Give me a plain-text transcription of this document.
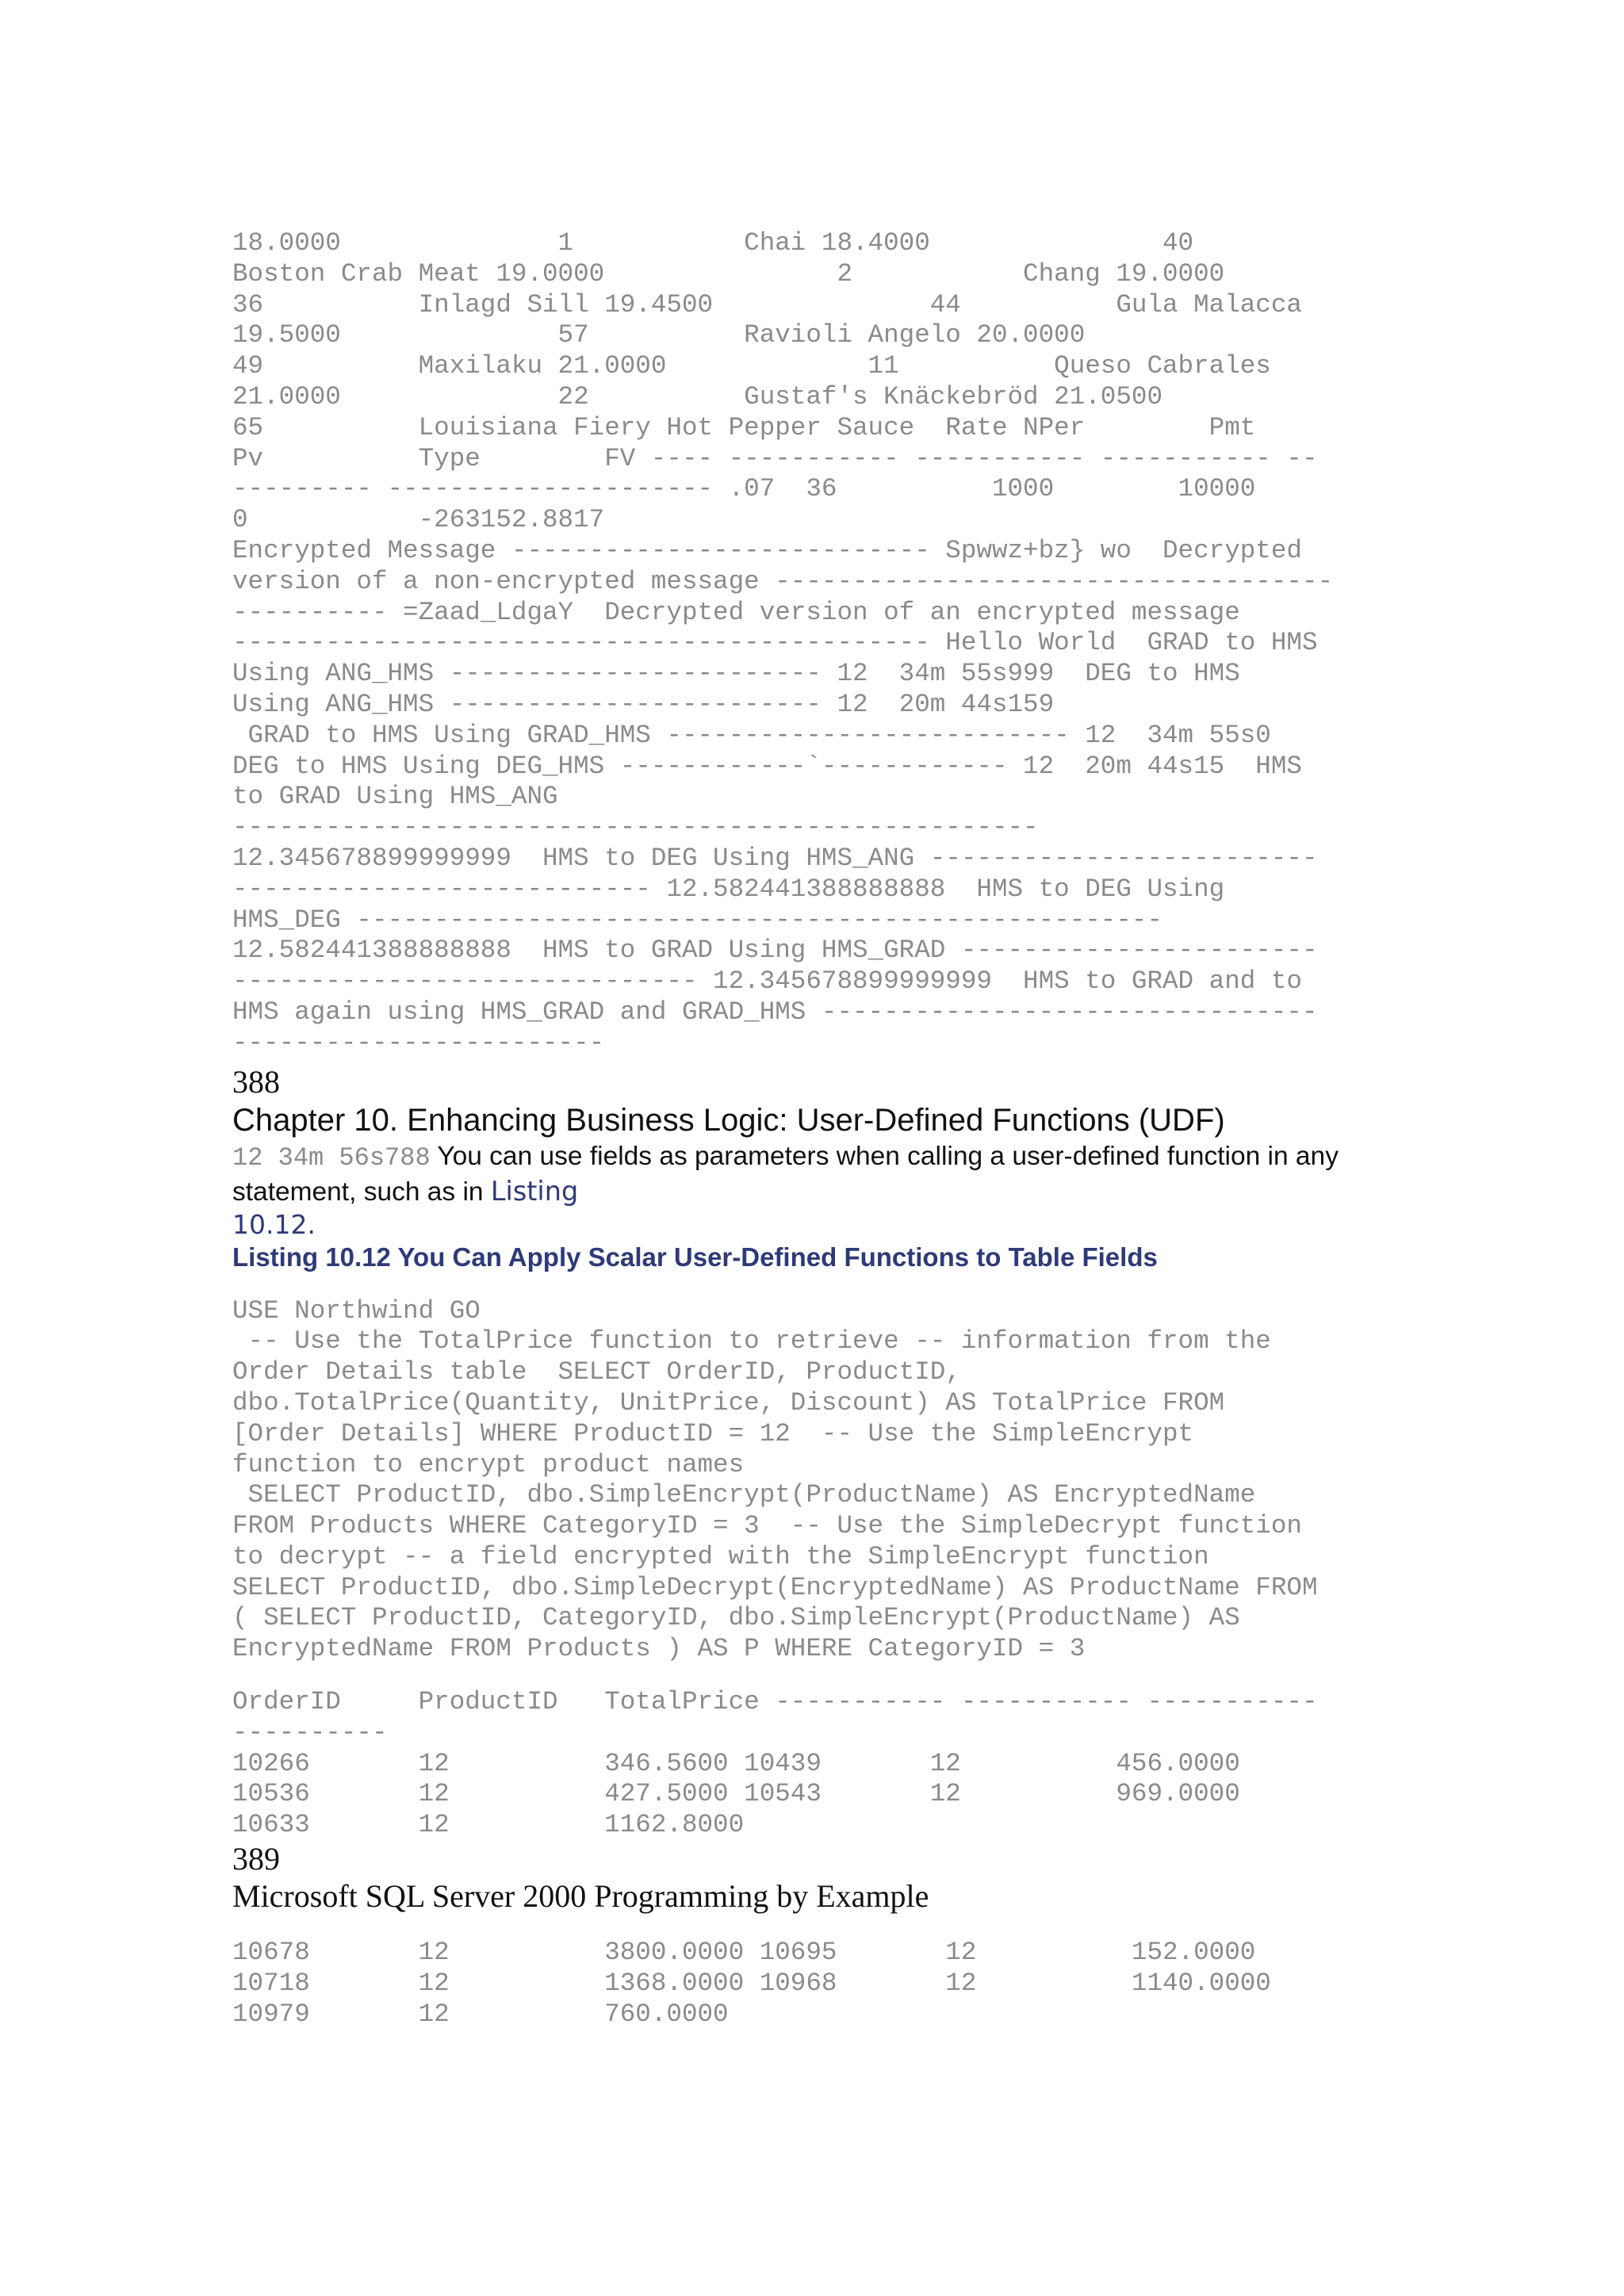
18.0000              1           Chai 18.4000               40
Boston Crab Meat 19.0000               2           Chang 19.0000
36          Inlagd Sill 19.4500              44          Gula Malacca
19.5000              57          Ravioli Angelo 20.0000
49          Maxilaku 21.0000             11          Queso Cabrales
21.0000              22          Gustaf's Knäckebröd 21.0500
65          Louisiana Fiery Hot Pepper Sauce  Rate NPer        Pmt
Pv          Type        FV ---- ----------- ----------- ----------- --
--------- --------------------- .07  36          1000        10000
0           -263152.8817
Encrypted Message --------------------------- Spwwz+bz} wo  Decrypted
version of a non-encrypted message ------------------------------------
---------- =Zaad_LdgaY  Decrypted version of an encrypted message
--------------------------------------------- Hello World  GRAD to HMS
Using ANG_HMS ------------------------ 12  34m 55s999  DEG to HMS
Using ANG_HMS ------------------------ 12  20m 44s159
GRAD to HMS Using GRAD_HMS -------------------------- 12  34m 55s0
DEG to HMS Using DEG_HMS ------------`------------ 12  20m 44s15  HMS
to GRAD Using HMS_ANG
----------------------------------------------------
12.345678899999999  HMS to DEG Using HMS_ANG -------------------------
--------------------------- 12.582441388888888  HMS to DEG Using
HMS_DEG ----------------------------------------------------
12.582441388888888  HMS to GRAD Using HMS_GRAD -----------------------
------------------------------ 12.345678899999999  HMS to GRAD and to
HMS again using HMS_GRAD and GRAD_HMS --------------------------------
------------------------
388
Chapter 10. Enhancing Business Logic: User-Defined Functions (UDF)

12 34m 56s788 You can use fields as parameters when calling a user-defined function in any statement, such as in Listing

10.12.

Listing 10.12 You Can Apply Scalar User-Defined Functions to Table Fields

USE Northwind GO
-- Use the TotalPrice function to retrieve -- information from the
Order Details table  SELECT OrderID, ProductID,
dbo.TotalPrice(Quantity, UnitPrice, Discount) AS TotalPrice FROM
[Order Details] WHERE ProductID = 12  -- Use the SimpleEncrypt
function to encrypt product names
SELECT ProductID, dbo.SimpleEncrypt(ProductName) AS EncryptedName
FROM Products WHERE CategoryID = 3  -- Use the SimpleDecrypt function
to decrypt -- a field encrypted with the SimpleEncrypt function
SELECT ProductID, dbo.SimpleDecrypt(EncryptedName) AS ProductName FROM
( SELECT ProductID, CategoryID, dbo.SimpleEncrypt(ProductName) AS
EncryptedName FROM Products ) AS P WHERE CategoryID = 3
OrderID     ProductID   TotalPrice ----------- ----------- -----------
----------
10266       12          346.5600 10439       12          456.0000
10536       12          427.5000 10543       12          969.0000
10633       12          1162.8000
389
Microsoft SQL Server 2000 Programming by Example
10678       12          3800.0000 10695       12          152.0000
10718       12          1368.0000 10968       12          1140.0000
10979       12          760.0000
